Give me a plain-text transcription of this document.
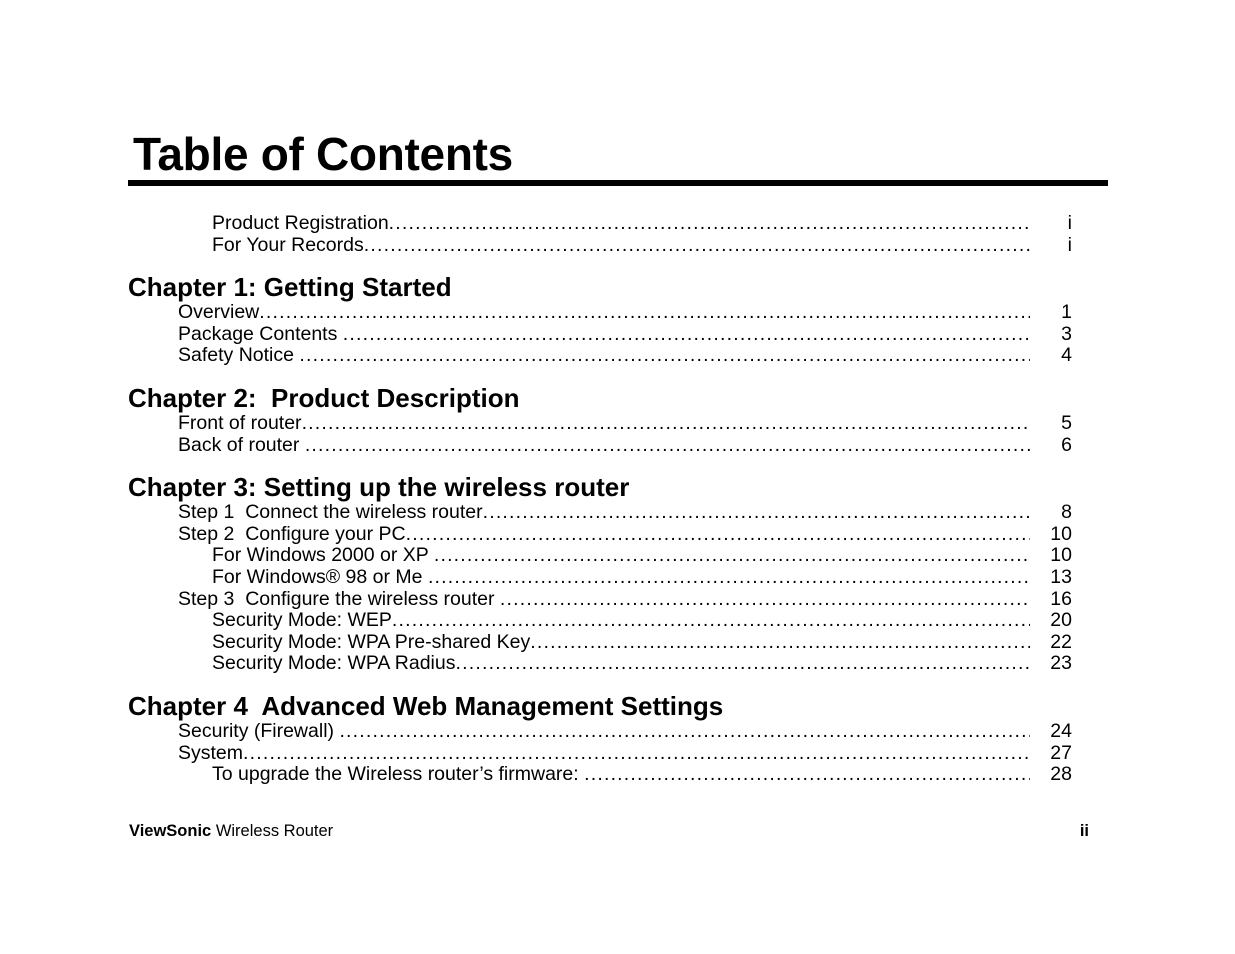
Table of Contents
Product Registration .....	i
For Your Records .....	i
Chapter 1: Getting Started
Overview .....	1
Package Contents .....	3
Safety Notice .....	4
Chapter 2:  Product Description
Front of router .....	5
Back of router .....	6
Chapter 3: Setting up the wireless router
Step 1  Connect the wireless router .....	8
Step 2  Configure your PC .....	10
For Windows 2000 or XP .....	10
For Windows® 98 or Me .....	13
Step 3  Configure the wireless router .....	16
Security Mode: WEP .....	20
Security Mode: WPA Pre-shared Key .....	22
Security Mode: WPA Radius .....	23
Chapter 4  Advanced Web Management Settings
Security (Firewall) .....	24
System .....	27
To upgrade the Wireless router’s firmware: .....	28
ViewSonic Wireless Router	ii
